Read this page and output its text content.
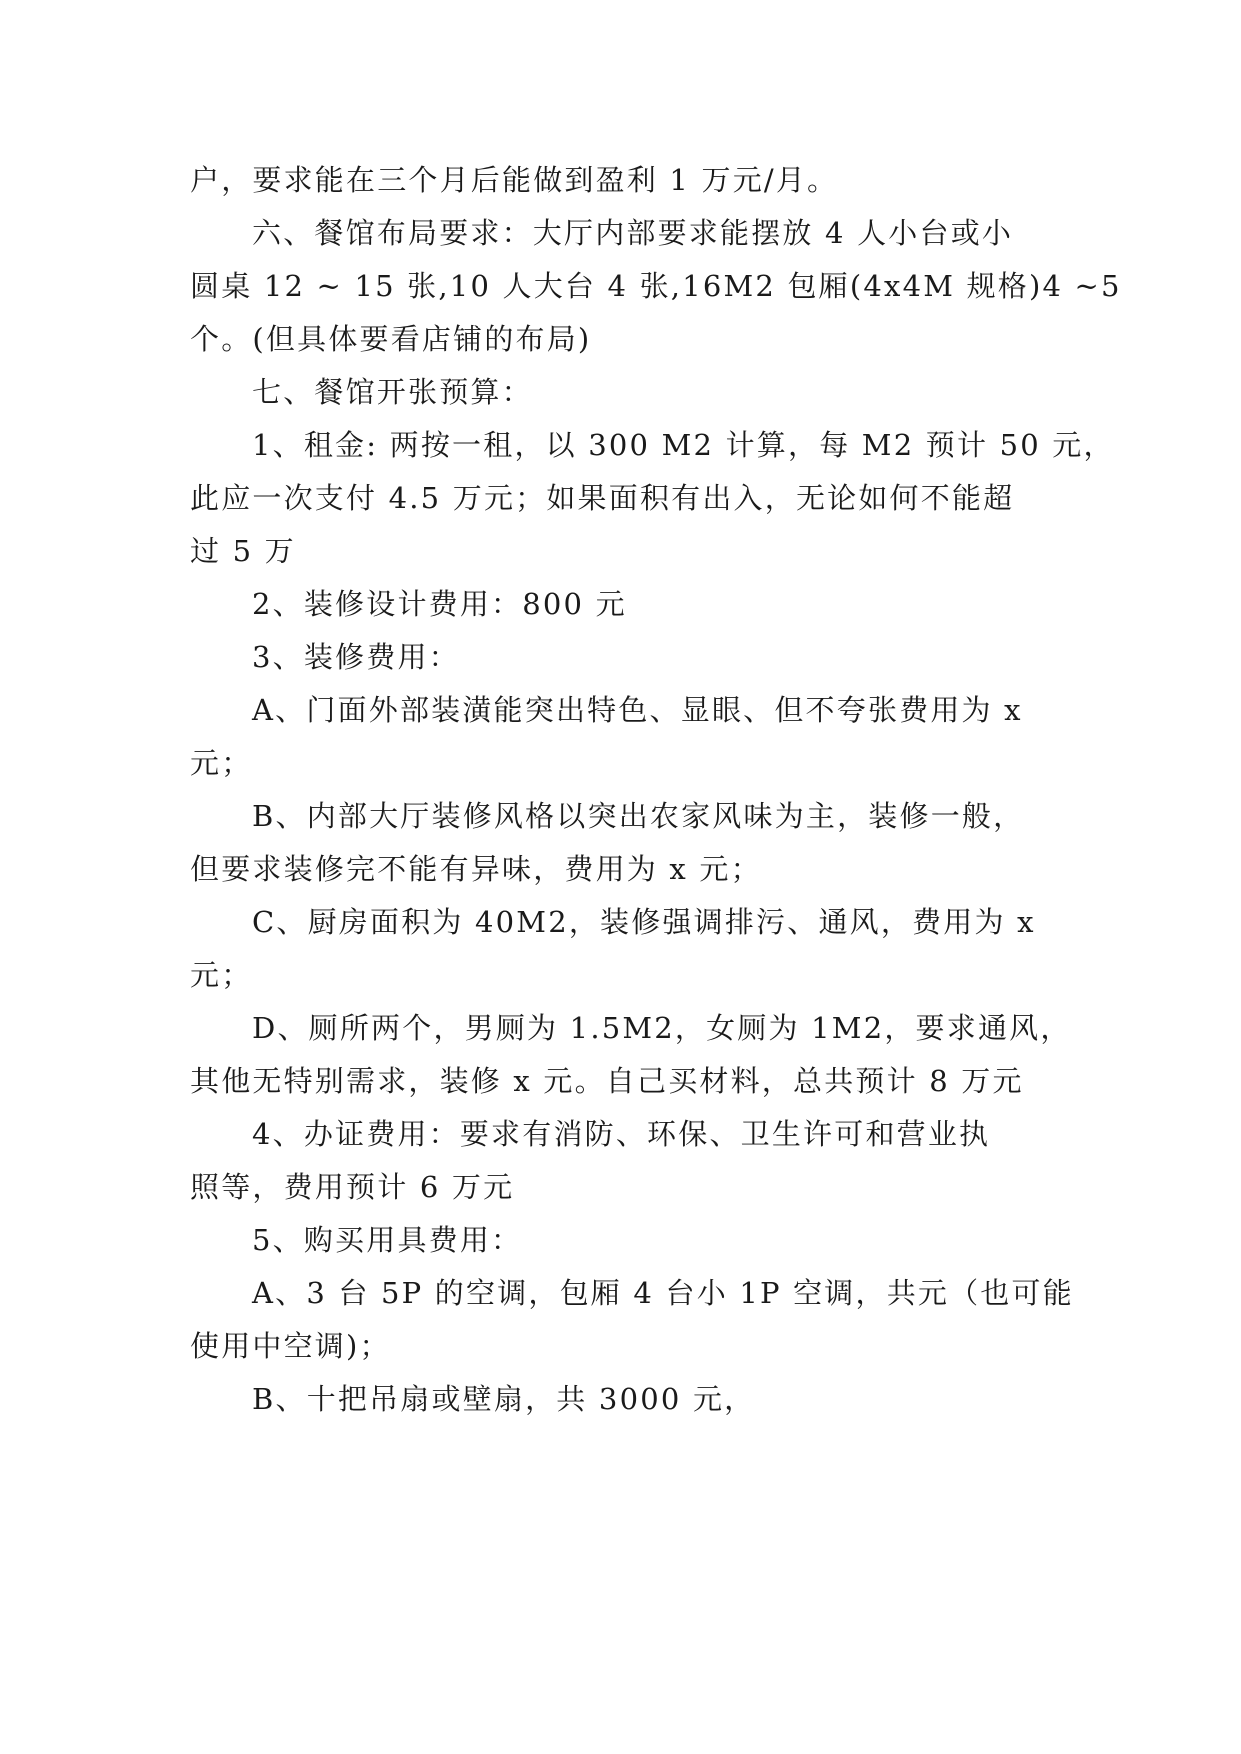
户，要求能在三个月后能做到盈利 1 万元/月。
六、餐馆布局要求：大厅内部要求能摆放 4 人小台或小
圆桌 12 ~ 15 张,10 人大台 4 张,16M2 包厢(4x4M 规格)4 ~5
个。(但具体要看店铺的布局)
七、餐馆开张预算：
1、租金: 两按一租，以 300 M2 计算，每 M2 预计 50 元，
此应一次支付 4.5 万元；如果面积有出入，无论如何不能超
过 5 万
2、装修设计费用：800 元
3、装修费用：
A、门面外部装潢能突出特色、显眼、但不夸张费用为 x
元；
B、内部大厅装修风格以突出农家风味为主，装修一般，
但要求装修完不能有异味，费用为 x 元；
C、厨房面积为 40M2，装修强调排污、通风，费用为 x
元；
D、厕所两个，男厕为 1.5M2，女厕为 1M2，要求通风，
其他无特别需求，装修 x 元。自己买材料，总共预计 8 万元
4、办证费用：要求有消防、环保、卫生许可和营业执
照等，费用预计 6 万元
5、购买用具费用：
A、3 台 5P 的空调，包厢 4 台小 1P 空调，共元（也可能
使用中空调)；
B、十把吊扇或壁扇，共 3000 元，
